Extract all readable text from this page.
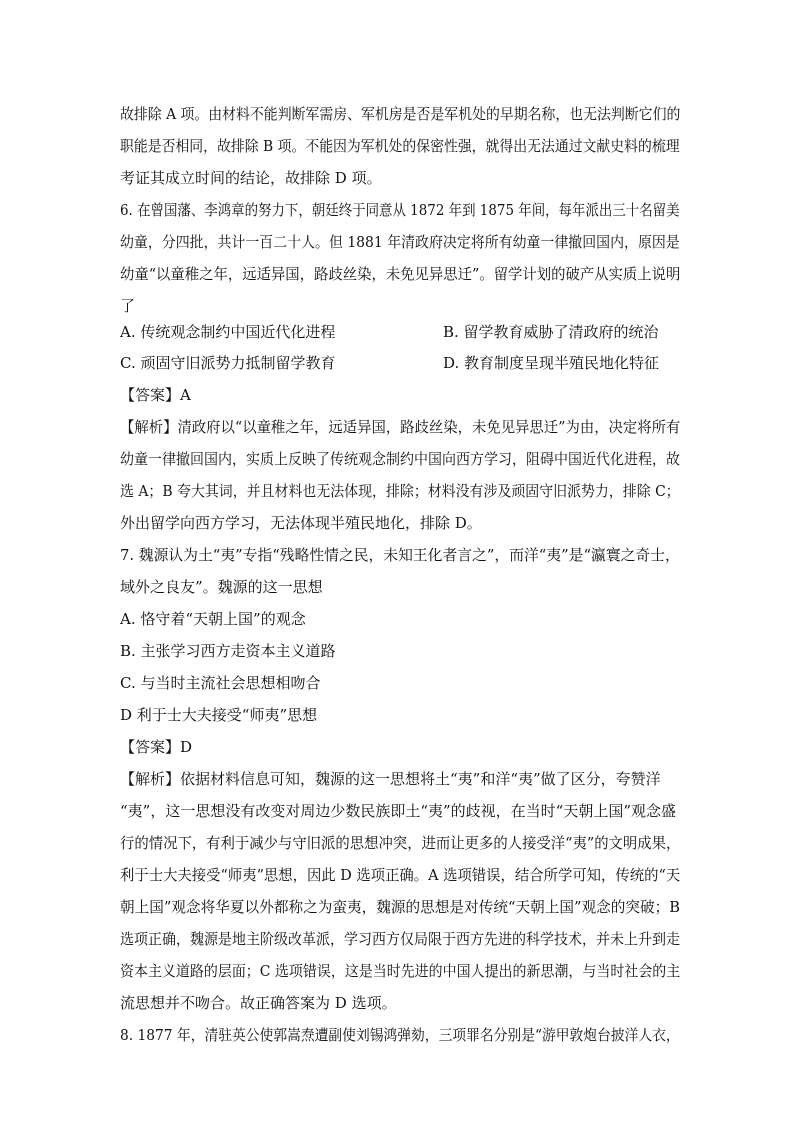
故排除 A 项。由材料不能判断军需房、军机房是否是军机处的早期名称，也无法判断它们的
职能是否相同，故排除 B 项。不能因为军机处的保密性强，就得出无法通过文献史料的梳理
考证其成立时间的结论，故排除 D 项。
6. 在曾国藩、李鸿章的努力下，朝廷终于同意从 1872 年到 1875 年间，每年派出三十名留美
幼童，分四批，共计一百二十人。但 1881 年清政府决定将所有幼童一律撤回国内，原因是
幼童“以童稚之年，远适异国，路歧丝染，未免见异思迁”。留学计划的破产从实质上说明
了
A. 传统观念制约中国近代化进程	B. 留学教育威胁了清政府的统治
C. 顽固守旧派势力抵制留学教育	D. 教育制度呈现半殖民地化特征
【答案】A
【解析】清政府以“以童稚之年，远适异国，路歧丝染，未免见异思迁”为由，决定将所有
幼童一律撤回国内，实质上反映了传统观念制约中国向西方学习，阻碍中国近代化进程，故
选 A；B 夸大其词，并且材料也无法体现，排除；材料没有涉及顽固守旧派势力，排除 C；
外出留学向西方学习，无法体现半殖民地化，排除 D。
7. 魏源认为土“夷”专指“残略性情之民，未知王化者言之”，而洋“夷”是“瀛寰之奇士，
域外之良友”。魏源的这一思想
A. 恪守着“天朝上国”的观念
B. 主张学习西方走资本主义道路
C. 与当时主流社会思想相吻合
D 利于士大夫接受“师夷”思想
【答案】D
【解析】依据材料信息可知，魏源的这一思想将土“夷”和洋“夷”做了区分，夸赞洋
“夷”，这一思想没有改变对周边少数民族即土“夷”的歧视，在当时“天朝上国”观念盛
行的情况下，有利于减少与守旧派的思想冲突，进而让更多的人接受洋“夷”的文明成果，
利于士大夫接受“师夷”思想，因此 D 选项正确。A 选项错误，结合所学可知，传统的“天
朝上国”观念将华夏以外都称之为蛮夷，魏源的思想是对传统“天朝上国”观念的突破；B
选项正确，魏源是地主阶级改革派，学习西方仅局限于西方先进的科学技术，并未上升到走
资本主义道路的层面；C 选项错误，这是当时先进的中国人提出的新思潮，与当时社会的主
流思想并不吻合。故正确答案为 D 选项。
8. 1877 年，清驻英公使郭嵩焘遭副使刘锡鸿弹劾，三项罪名分别是“游甲敦炮台披洋人衣，
